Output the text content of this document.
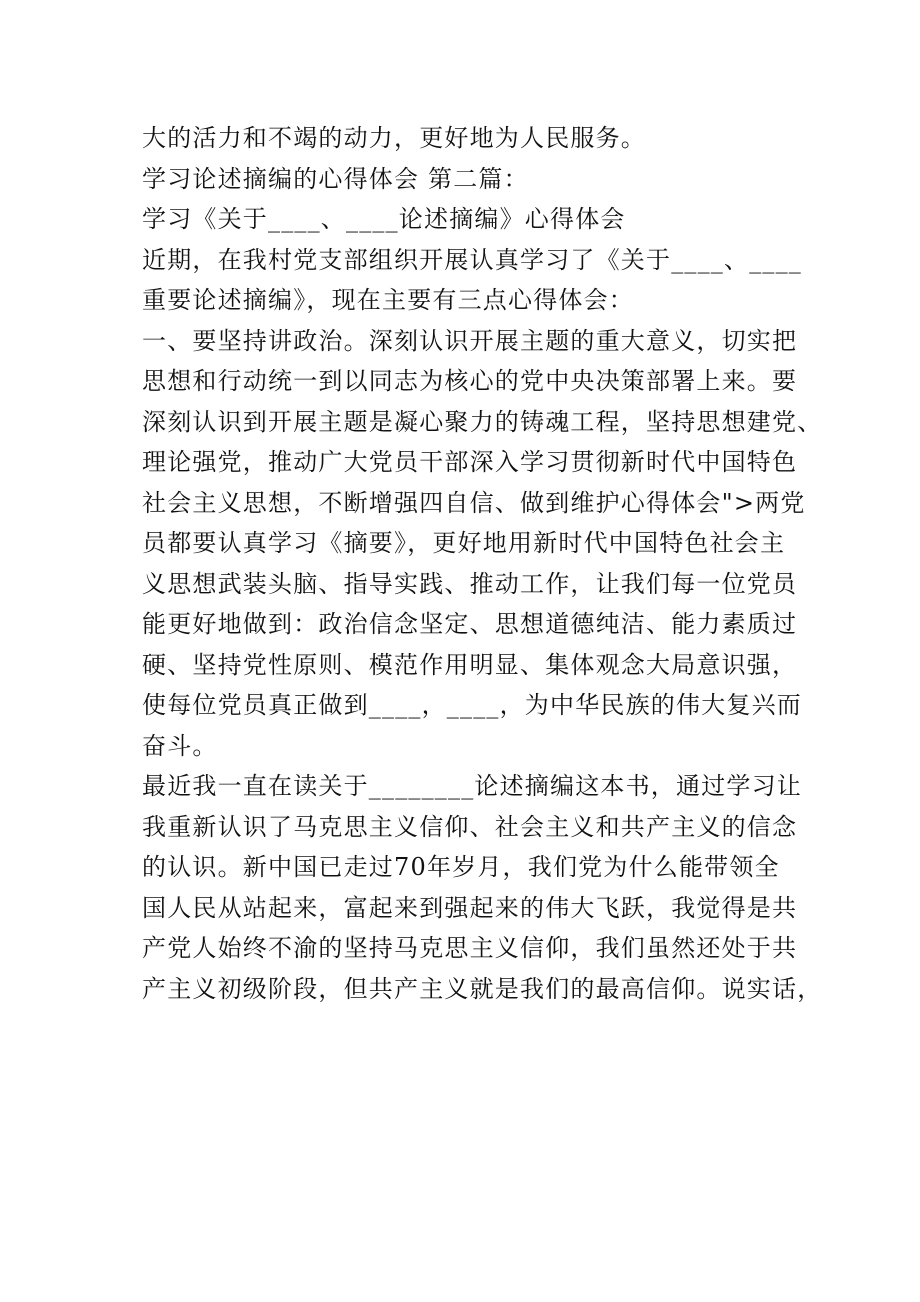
大的活力和不竭的动力，更好地为人民服务。
学习论述摘编的心得体会 第二篇：
学习《关于____、____论述摘编》心得体会
近期，在我村党支部组织开展认真学习了《关于____、____
重要论述摘编》，现在主要有三点心得体会：
一、要坚持讲政治。深刻认识开展主题的重大意义，切实把
思想和行动统一到以同志为核心的党中央决策部署上来。要
深刻认识到开展主题是凝心聚力的铸魂工程，坚持思想建党、
理论强党，推动广大党员干部深入学习贯彻新时代中国特色
社会主义思想，不断增强四自信、做到维护心得体会">两党
员都要认真学习《摘要》，更好地用新时代中国特色社会主
义思想武装头脑、指导实践、推动工作，让我们每一位党员
能更好地做到：政治信念坚定、思想道德纯洁、能力素质过
硬、坚持党性原则、模范作用明显、集体观念大局意识强，
使每位党员真正做到____，____，为中华民族的伟大复兴而
奋斗。
最近我一直在读关于________论述摘编这本书，通过学习让
我重新认识了马克思主义信仰、社会主义和共产主义的信念
的认识。新中国已走过70年岁月，我们党为什么能带领全
国人民从站起来，富起来到强起来的伟大飞跃，我觉得是共
产党人始终不渝的坚持马克思主义信仰，我们虽然还处于共
产主义初级阶段，但共产主义就是我们的最高信仰。说实话，
